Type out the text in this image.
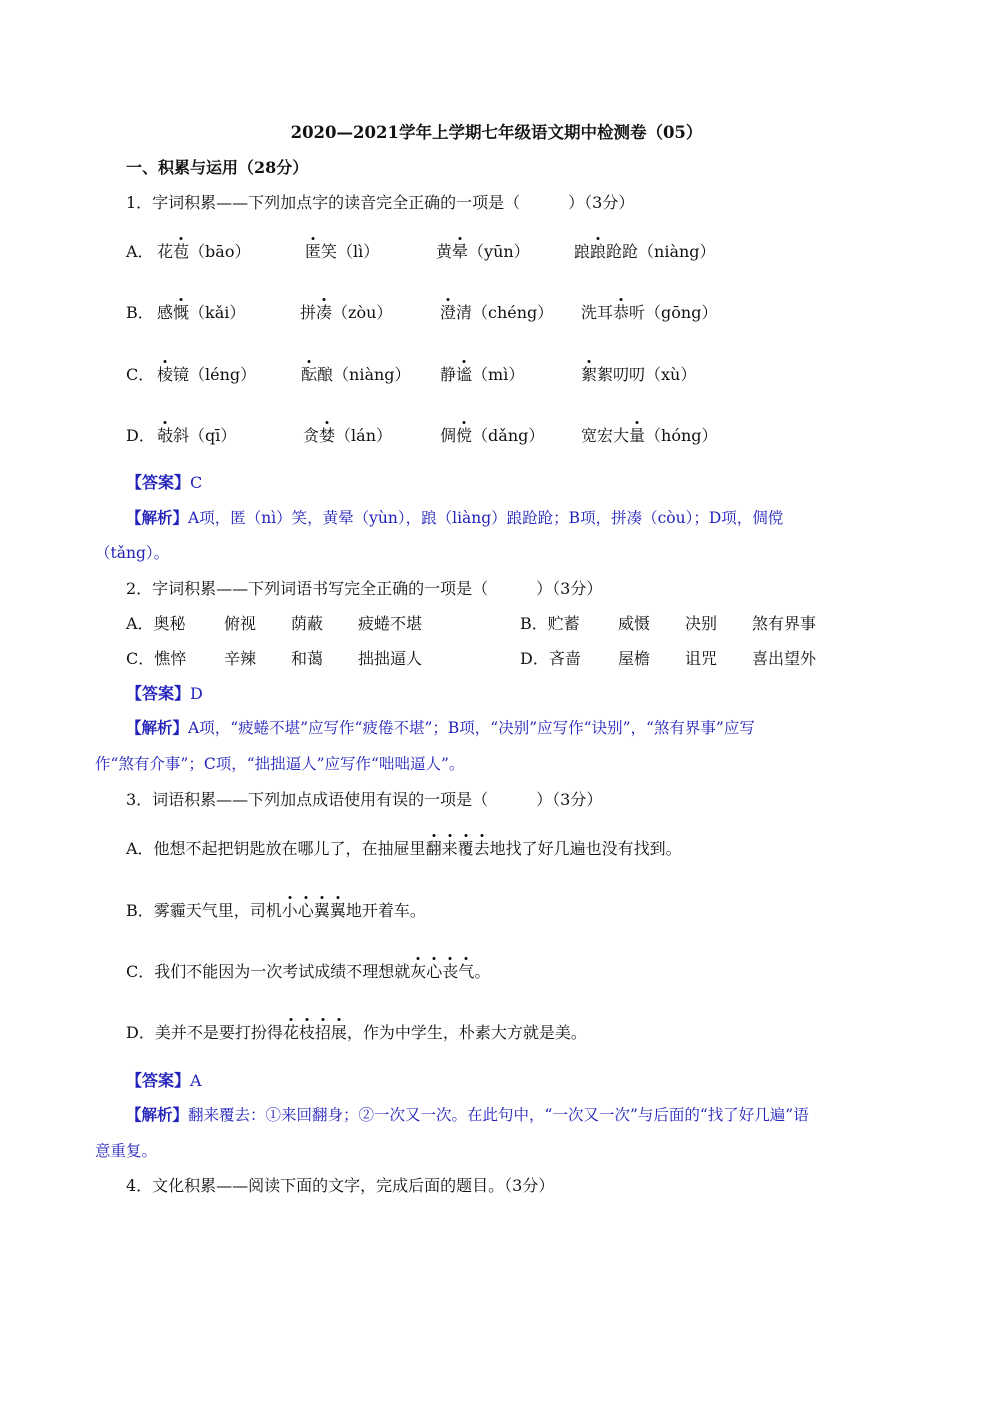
2020—2021学年上学期七年级语文期中检测卷（05）
一、积累与运用（28分）
1．字词积累——下列加点字的读音完全正确的一项是（　　　）（3分）
A． 花苞（bāo）	匿笑（lì）	黄晕（yūn）	踉踉跄跄（niàng）
B． 感慨（kǎi）	拼凑（zòu）	澄清（chéng） 洗耳恭听（gōng）
C． 棱镜（léng）	酝酿（niàng） 静谧（mì）	絮絮叨叨（xù）
D． 攲斜（qī）	贪婪（lán）	倜傥（dǎng） 宽宏大量（hóng）
【答案】C
【解析】A项，匿（nì）笑，黄晕（yùn），踉（liàng）踉跄跄；B项，拼凑（còu）；D项，倜傥
（tǎng）。
2．字词积累——下列词语书写完全正确的一项是（　　　）（3分）
A．奥秘 俯视 荫蔽 疲蜷不堪	B．贮蓄 威慑 决别 煞有界事
C．憔悴 辛辣 和蔼 拙拙逼人	D．吝啬 屋檐 诅咒 喜出望外
【答案】D
【解析】A项，“疲蜷不堪”应写作“疲倦不堪”；B项，“决别”应写作“诀别”，“煞有界事”应写
作“煞有介事”；C项，“拙拙逼人”应写作“咄咄逼人”。
3．词语积累——下列加点成语使用有误的一项是（　　　）（3分）
A．他想不起把钥匙放在哪儿了，在抽屉里翻来覆去地找了好几遍也没有找到。
B．雾霾天气里，司机小心翼翼地开着车。
C．我们不能因为一次考试成绩不理想就灰心丧气。
D．美并不是要打扮得花枝招展，作为中学生，朴素大方就是美。
【答案】A
【解析】翻来覆去：①来回翻身；②一次又一次。在此句中，“一次又一次”与后面的“找了好几遍”语
意重复。
4．文化积累——阅读下面的文字，完成后面的题目。（3分）
